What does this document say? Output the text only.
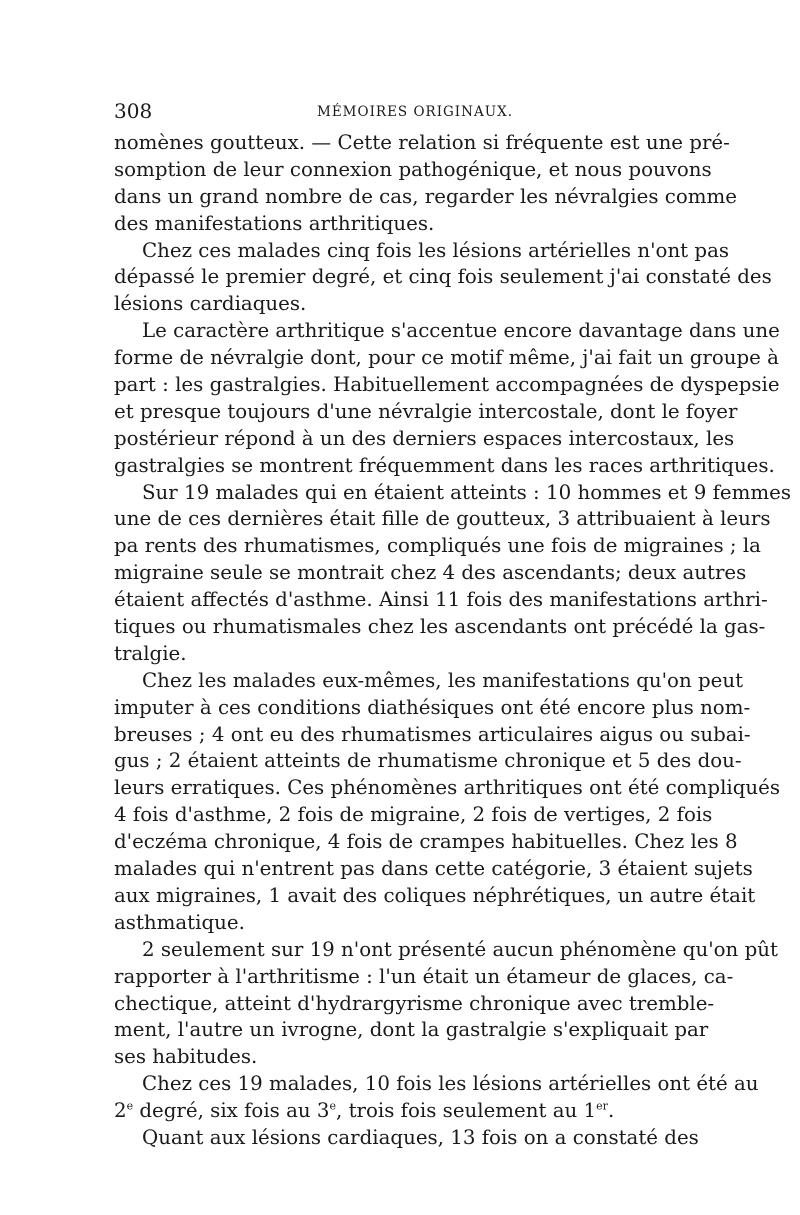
308	MÉMOIRES ORIGINAUX.
nomènes goutteux. — Cette relation si fréquente est une pré-
somption de leur connexion pathogénique, et nous pouvons
dans un grand nombre de cas, regarder les névralgies comme
des manifestations arthritiques.
Chez ces malades cinq fois les lésions artérielles n'ont pas
dépassé le premier degré, et cinq fois seulement j'ai constaté des
lésions cardiaques.
Le caractère arthritique s'accentue encore davantage dans une
forme de névralgie dont, pour ce motif même, j'ai fait un groupe à
part : les gastralgies. Habituellement accompagnées de dyspepsie
et presque toujours d'une névralgie intercostale, dont le foyer
postérieur répond à un des derniers espaces intercostaux, les
gastralgies se montrent fréquemment dans les races arthritiques.
Sur 19 malades qui en étaient atteints : 10 hommes et 9 femmes
une de ces dernières était fille de goutteux, 3 attribuaient à leurs
pa rents des rhumatismes, compliqués une fois de migraines ; la
migraine seule se montrait chez 4 des ascendants; deux autres
étaient affectés d'asthme. Ainsi 11 fois des manifestations arthri-
tiques ou rhumatismales chez les ascendants ont précédé la gas-
tralgie.
Chez les malades eux-mêmes, les manifestations qu'on peut
imputer à ces conditions diathésiques ont été encore plus nom-
breuses ; 4 ont eu des rhumatismes articulaires aigus ou subai-
gus ; 2 étaient atteints de rhumatisme chronique et 5 des dou-
leurs erratiques. Ces phénomènes arthritiques ont été compliqués
4 fois d'asthme, 2 fois de migraine, 2 fois de vertiges, 2 fois
d'eczéma chronique, 4 fois de crampes habituelles. Chez les 8
malades qui n'entrent pas dans cette catégorie, 3 étaient sujets
aux migraines, 1 avait des coliques néphrétiques, un autre était
asthmatique.
2 seulement sur 19 n'ont présenté aucun phénomène qu'on pût
rapporter à l'arthritisme : l'un était un étameur de glaces, ca-
chectique, atteint d'hydrargyrisme chronique avec tremble-
ment, l'autre un ivrogne, dont la gastralgie s'expliquait par
ses habitudes.
Chez ces 19 malades, 10 fois les lésions artérielles ont été au
2e degré, six fois au 3e, trois fois seulement au 1er.
Quant aux lésions cardiaques, 13 fois on a constaté des
